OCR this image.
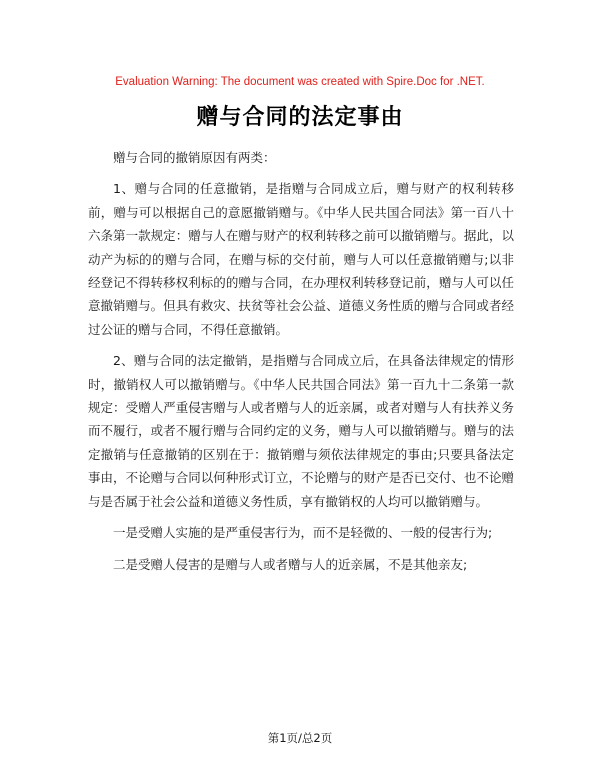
Evaluation Warning: The document was created with Spire.Doc for .NET.
赠与合同的法定事由

赠与合同的撤销原因有两类：

1、赠与合同的任意撤销，是指赠与合同成立后，赠与财产的权利转移前，赠与可以根据自己的意愿撤销赠与。《中华人民共国合同法》第一百八十六条第一款规定：赠与人在赠与财产的权利转移之前可以撤销赠与。据此，以动产为标的的赠与合同，在赠与标的交付前，赠与人可以任意撤销赠与;以非经登记不得转移权利标的的赠与合同，在办理权利转移登记前，赠与人可以任意撤销赠与。但具有救灾、扶贫等社会公益、道德义务性质的赠与合同或者经过公证的赠与合同，不得任意撤销。

2、赠与合同的法定撤销，是指赠与合同成立后，在具备法律规定的情形时，撤销权人可以撤销赠与。《中华人民共国合同法》第一百九十二条第一款规定：受赠人严重侵害赠与人或者赠与人的近亲属，或者对赠与人有扶养义务而不履行，或者不履行赠与合同约定的义务，赠与人可以撤销赠与。赠与的法定撤销与任意撤销的区别在于：撤销赠与须依法律规定的事由;只要具备法定事由，不论赠与合同以何种形式订立，不论赠与的财产是否已交付、也不论赠与是否属于社会公益和道德义务性质，享有撤销权的人均可以撤销赠与。

一是受赠人实施的是严重侵害行为，而不是轻微的、一般的侵害行为;

二是受赠人侵害的是赠与人或者赠与人的近亲属，不是其他亲友;

第1页/总2页
